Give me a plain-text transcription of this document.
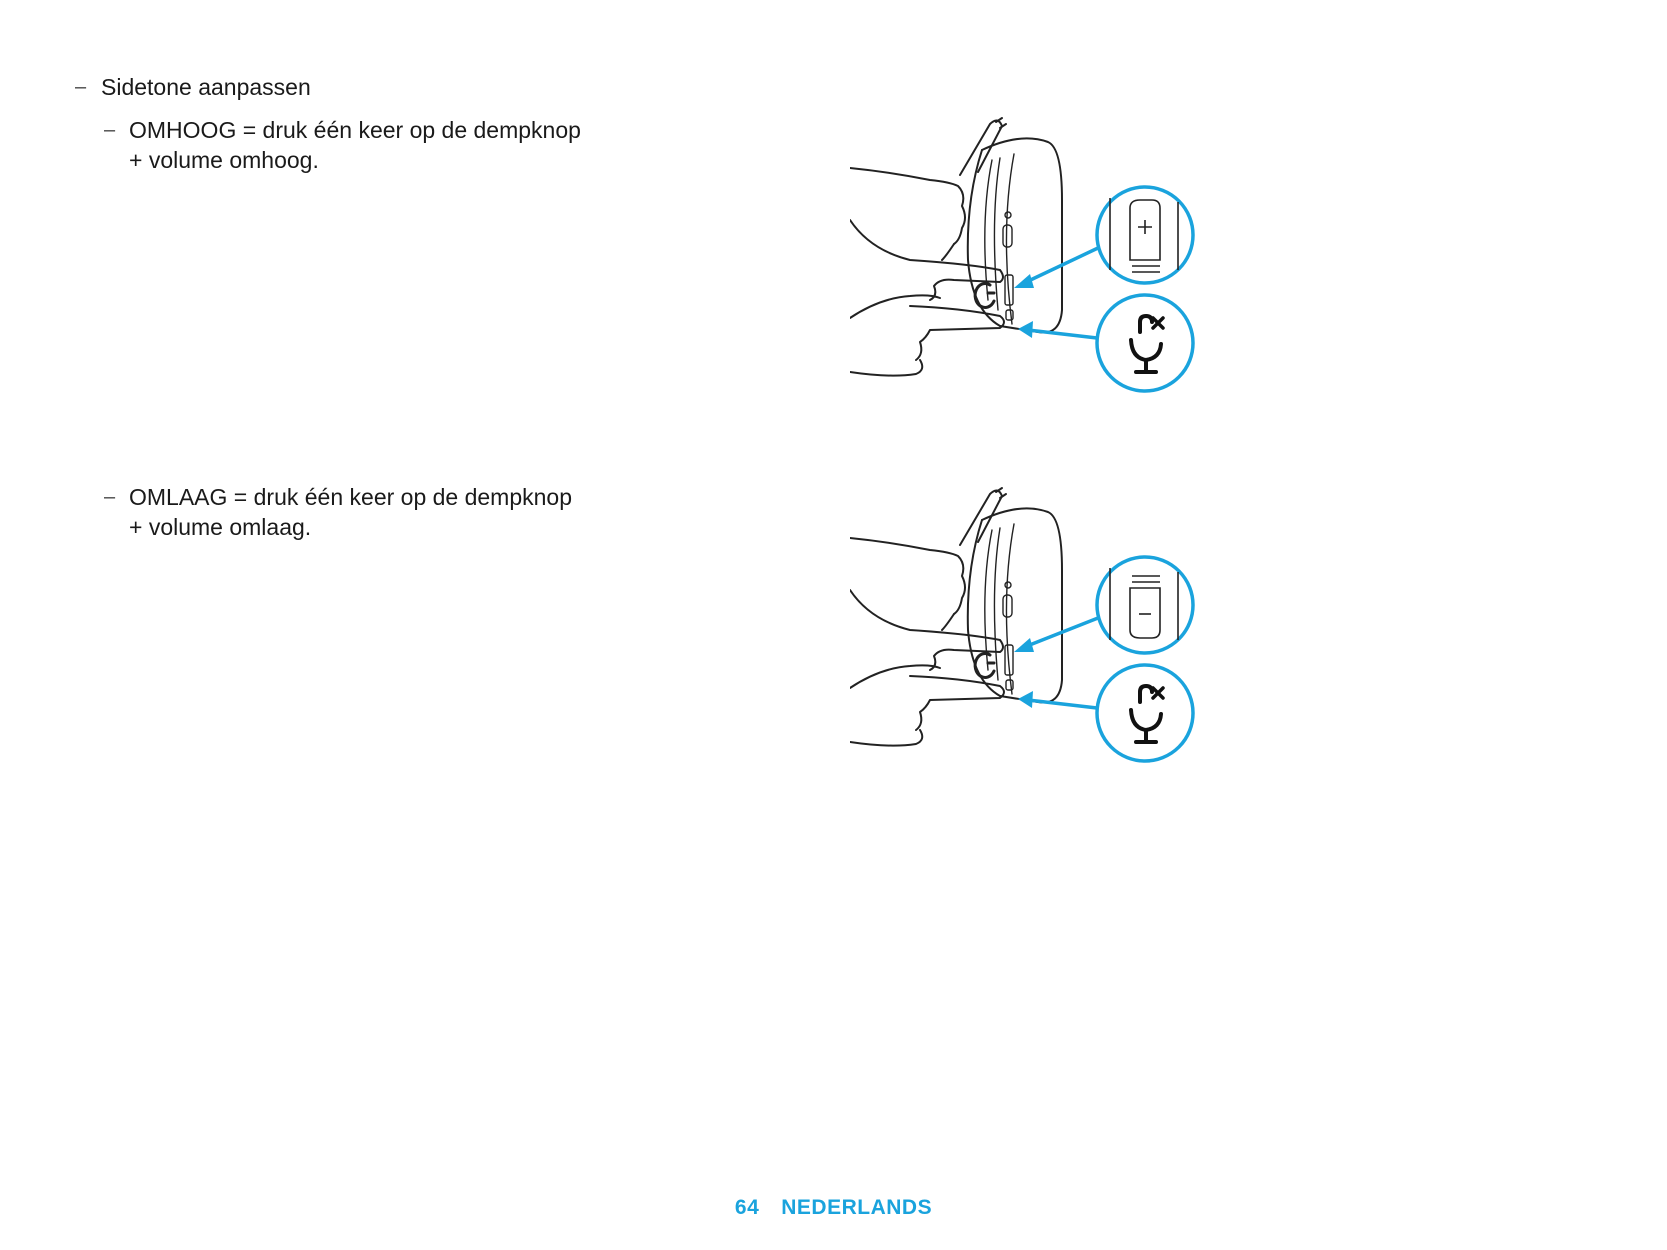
– Sidetone aanpassen
– OMHOOG = druk één keer op de dempknop
+ volume omhoog.
– OMLAAG = druk één keer op de dempknop
+ volume omlaag.
64 NEDERLANDS
